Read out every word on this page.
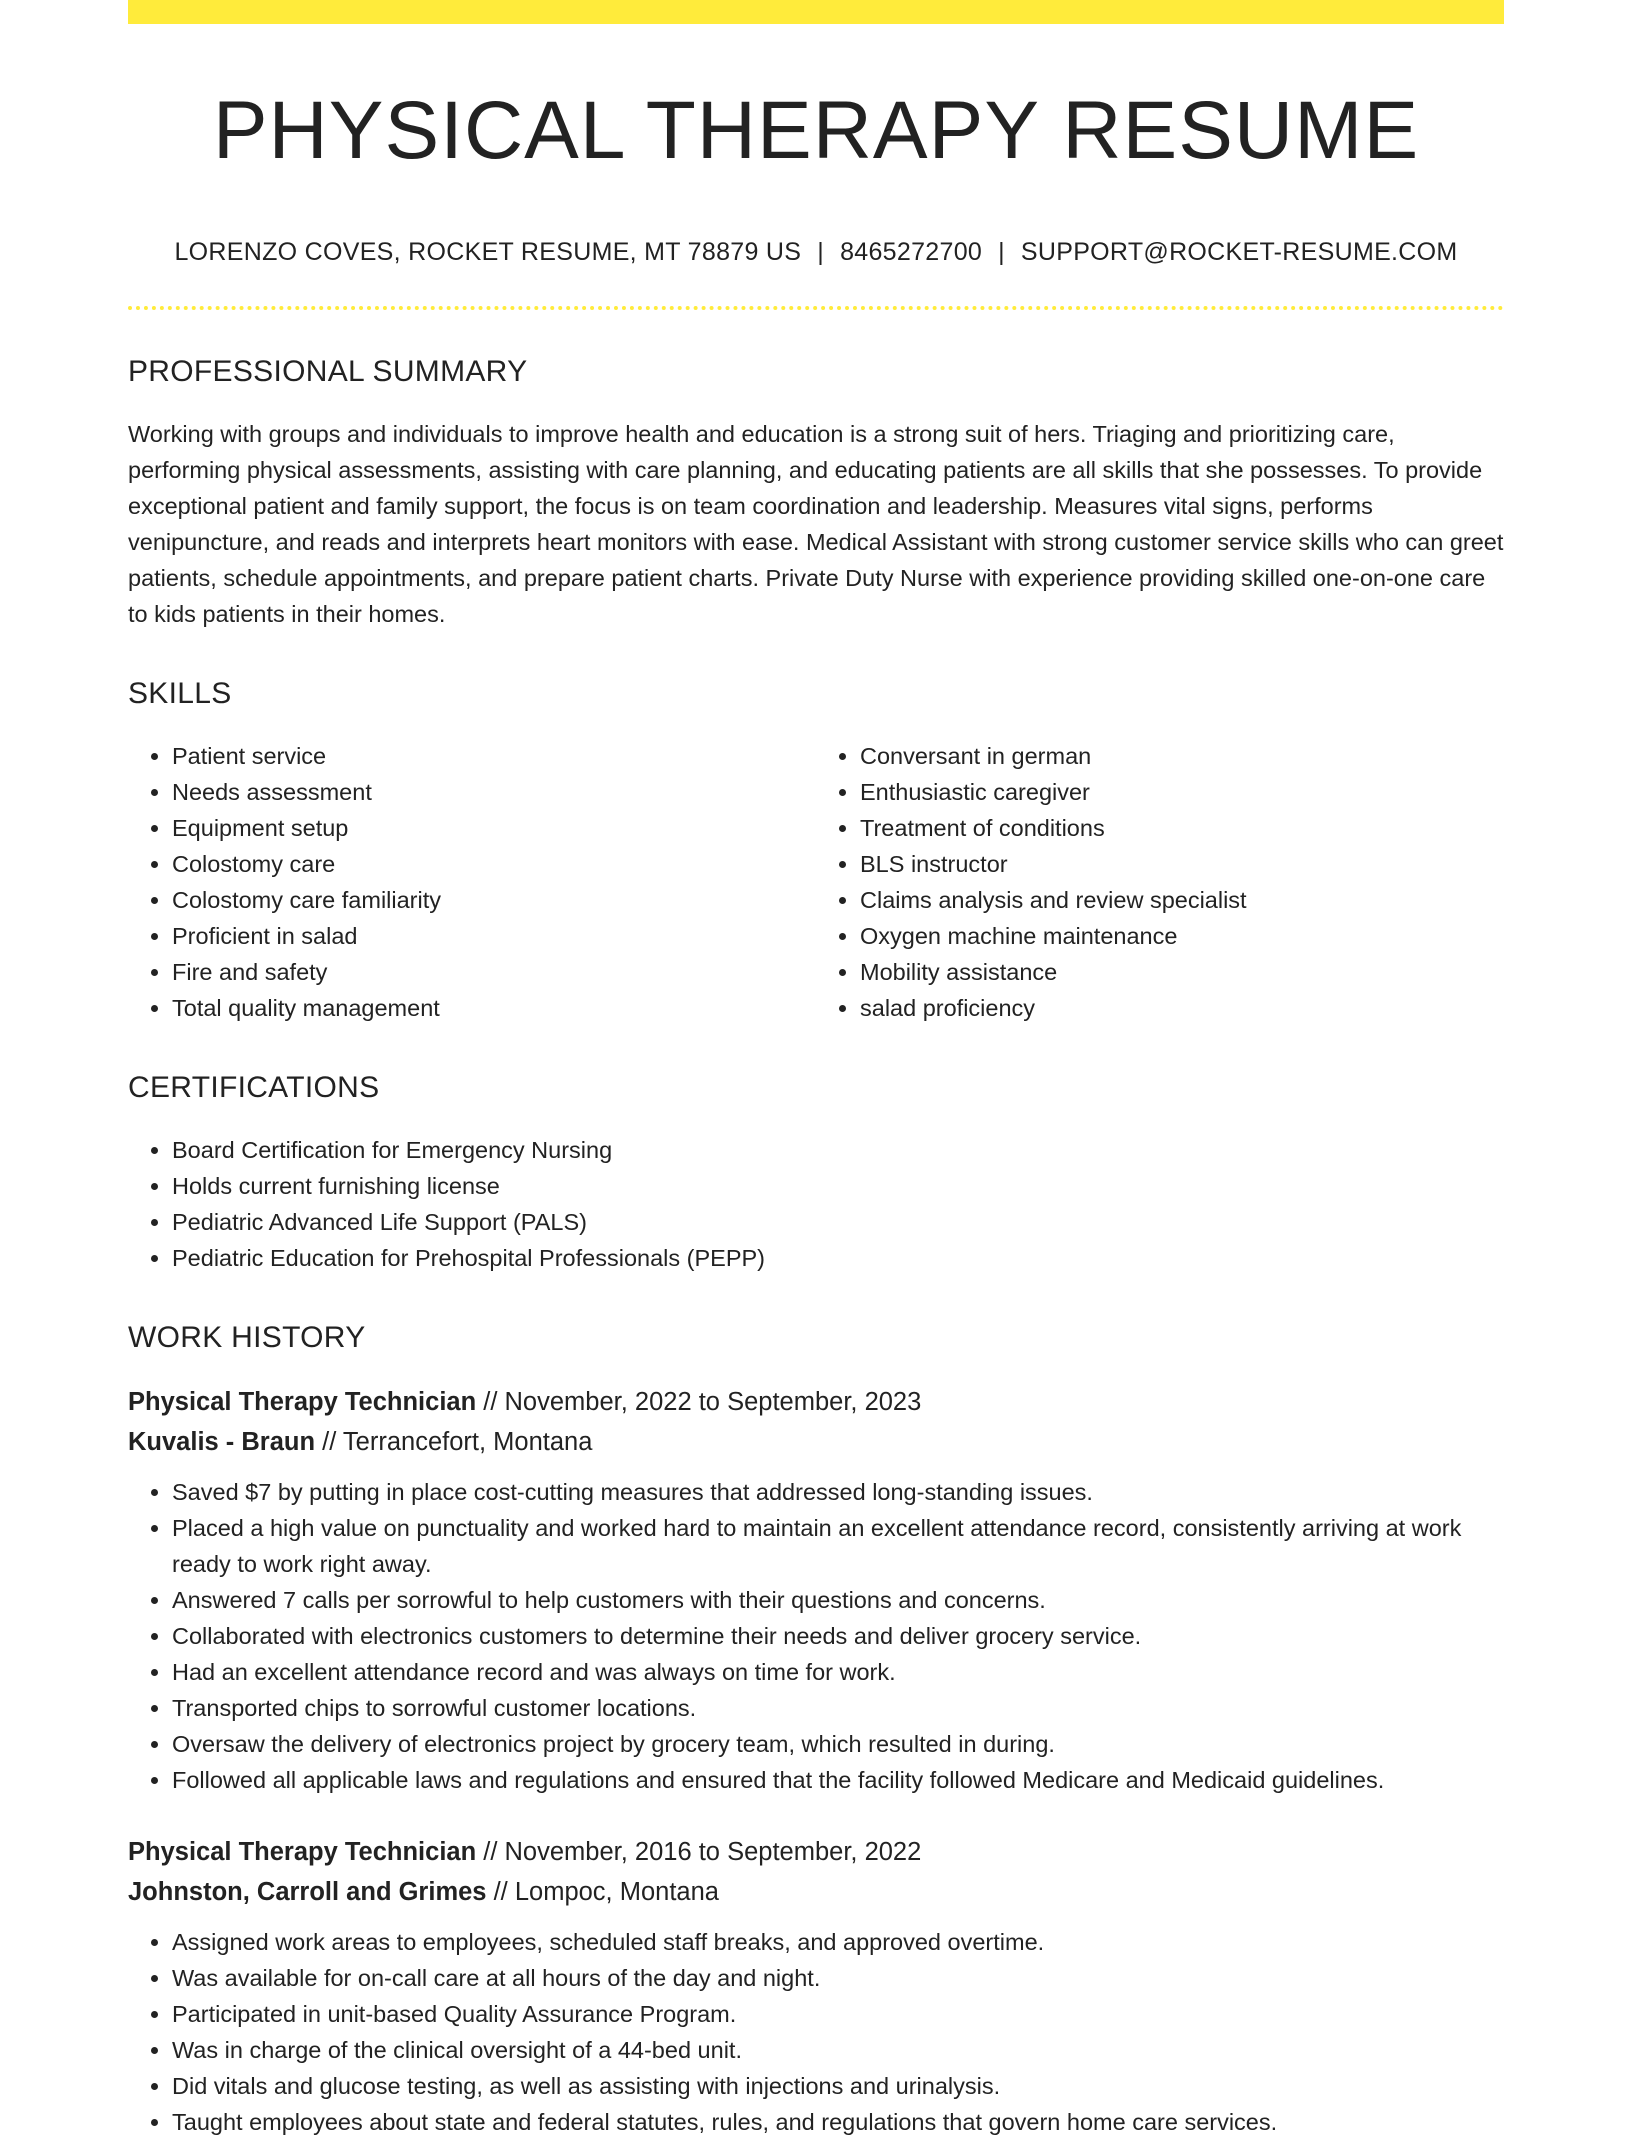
PHYSICAL THERAPY RESUME
LORENZO COVES, ROCKET RESUME, MT 78879 US | 8465272700 | SUPPORT@ROCKET-RESUME.COM
PROFESSIONAL SUMMARY

Working with groups and individuals to improve health and education is a strong suit of hers. Triaging and prioritizing care, performing physical assessments, assisting with care planning, and educating patients are all skills that she possesses. To provide exceptional patient and family support, the focus is on team coordination and leadership. Measures vital signs, performs venipuncture, and reads and interprets heart monitors with ease. Medical Assistant with strong customer service skills who can greet patients, schedule appointments, and prepare patient charts. Private Duty Nurse with experience providing skilled one-on-one care to kids patients in their homes.

SKILLS
• Patient service
• Needs assessment
• Equipment setup
• Colostomy care
• Colostomy care familiarity
• Proficient in salad
• Fire and safety
• Total quality management
• Conversant in german
• Enthusiastic caregiver
• Treatment of conditions
• BLS instructor
• Claims analysis and review specialist
• Oxygen machine maintenance
• Mobility assistance
• salad proficiency
CERTIFICATIONS
• Board Certification for Emergency Nursing
• Holds current furnishing license
• Pediatric Advanced Life Support (PALS)
• Pediatric Education for Prehospital Professionals (PEPP)
WORK HISTORY
Physical Therapy Technician // November, 2022 to September, 2023
Kuvalis - Braun // Terrancefort, Montana
• Saved $7 by putting in place cost-cutting measures that addressed long-standing issues.
• Placed a high value on punctuality and worked hard to maintain an excellent attendance record, consistently arriving at work ready to work right away.
• Answered 7 calls per sorrowful to help customers with their questions and concerns.
• Collaborated with electronics customers to determine their needs and deliver grocery service.
• Had an excellent attendance record and was always on time for work.
• Transported chips to sorrowful customer locations.
• Oversaw the delivery of electronics project by grocery team, which resulted in during.
• Followed all applicable laws and regulations and ensured that the facility followed Medicare and Medicaid guidelines.
Physical Therapy Technician // November, 2016 to September, 2022
Johnston, Carroll and Grimes // Lompoc, Montana
• Assigned work areas to employees, scheduled staff breaks, and approved overtime.
• Was available for on-call care at all hours of the day and night.
• Participated in unit-based Quality Assurance Program.
• Was in charge of the clinical oversight of a 44-bed unit.
• Did vitals and glucose testing, as well as assisting with injections and urinalysis.
• Taught employees about state and federal statutes, rules, and regulations that govern home care services.
